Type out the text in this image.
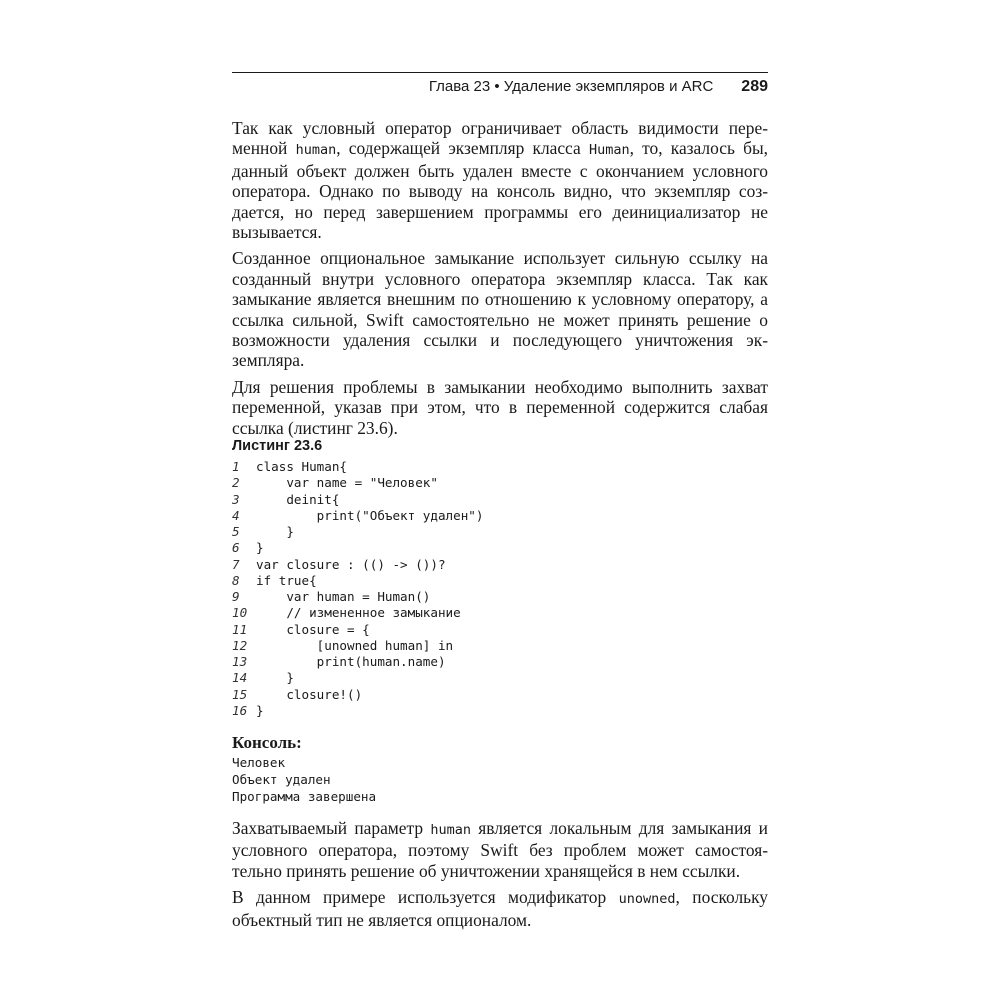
Глава 23 • Удаление экземпляров и ARC 289

Так как условный оператор ограничивает область видимости пере-менной human, содержащей экземпляр класса Human, то, казалось бы, данный объект должен быть удален вместе с окончанием условного оператора. Однако по выводу на консоль видно, что экземпляр соз-дается, но перед завершением программы его деинициализатор не вызывается.

Созданное опциональное замыкание использует сильную ссылку на созданный внутри условного оператора экземпляр класса. Так как замыкание является внешним по отношению к условному оператору, а ссылка сильной, Swift самостоятельно не может принять решение о возможности удаления ссылки и последующего уничтожения эк-земпляра.

Для решения проблемы в замыкании необходимо выполнить захват переменной, указав при этом, что в переменной содержится слабая ссылка (листинг 23.6).

Листинг 23.6
1	class Human{
2	var name = "Человек"
3	deinit{
4	print("Объект удален")
5	}
6	}
7	var closure : (() -> ())?
8	if true{
9	var human = Human()
10 // измененное замыкание
11 closure = {
12 [unowned human] in
13 print(human.name)
14 }
15 closure!()
16 }
Консоль:
Человек
Объект удален
Программа завершена

Захватываемый параметр human является локальным для замыкания и условного оператора, поэтому Swift без проблем может самостоя-тельно принять решение об уничтожении хранящейся в нем ссылки.

В данном примере используется модификатор unowned, поскольку объектный тип не является опционалом.
